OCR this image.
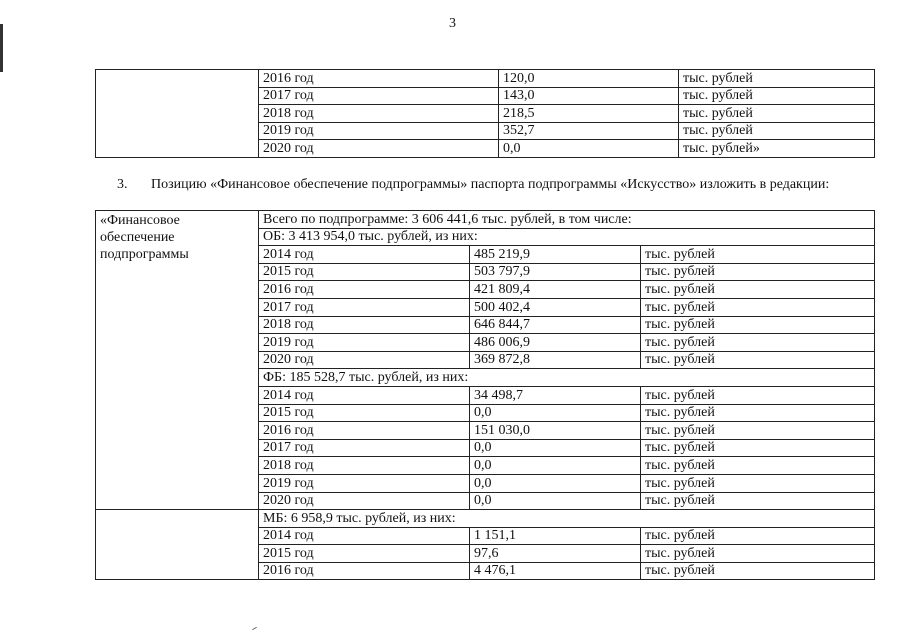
3
	2016 год	120,0	тыс. рублей
	2017 год	143,0	тыс. рублей
	2018 год	218,5	тыс. рублей
	2019 год	352,7	тыс. рублей
	2020 год	0,0	тыс. рублей»
3. Позицию «Финансовое обеспечение подпрограммы» паспорта подпрограммы «Искусство» изложить в редакции:
«Финансовое обеспечение подпрограммы	Всего по подпрограмме: 3 606 441,6 тыс. рублей, в том числе:		
	ОБ: 3 413 954,0 тыс. рублей, из них:		
	2014 год	485 219,9	тыс. рублей
	2015 год	503 797,9	тыс. рублей
	2016 год	421 809,4	тыс. рублей
	2017 год	500 402,4	тыс. рублей
	2018 год	646 844,7	тыс. рублей
	2019 год	486 006,9	тыс. рублей
	2020 год	369 872,8	тыс. рублей
	ФБ: 185 528,7 тыс. рублей, из них:		
	2014 год	34 498,7	тыс. рублей
	2015 год	0,0	тыс. рублей
	2016 год	151 030,0	тыс. рублей
	2017 год	0,0	тыс. рублей
	2018 год	0,0	тыс. рублей
	2019 год	0,0	тыс. рублей
	2020 год	0,0	тыс. рублей
	МБ: 6 958,9 тыс. рублей, из них:		
	2014 год	1 151,1	тыс. рублей
	2015 год	97,6	тыс. рублей
	2016 год	4 476,1	тыс. рублей
